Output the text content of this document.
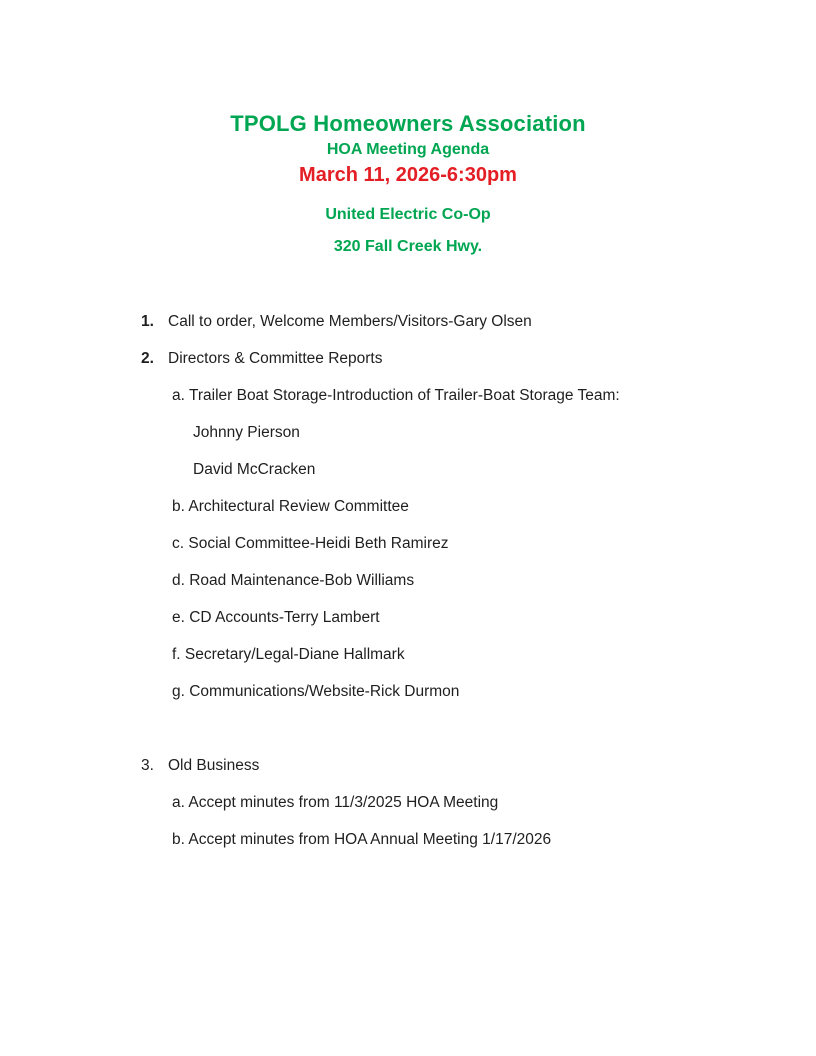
TPOLG Homeowners Association
HOA Meeting Agenda
March 11, 2026-6:30pm
United Electric Co-Op
320 Fall Creek Hwy.
1. Call to order, Welcome Members/Visitors-Gary Olsen
2. Directors & Committee Reports
a. Trailer Boat Storage-Introduction of Trailer-Boat Storage Team:
Johnny Pierson
David McCracken
b. Architectural Review Committee
c. Social Committee-Heidi Beth Ramirez
d. Road Maintenance-Bob Williams
e. CD Accounts-Terry Lambert
f. Secretary/Legal-Diane Hallmark
g. Communications/Website-Rick Durmon
3. Old Business
a. Accept minutes from 11/3/2025 HOA Meeting
b. Accept minutes from HOA Annual Meeting 1/17/2026
